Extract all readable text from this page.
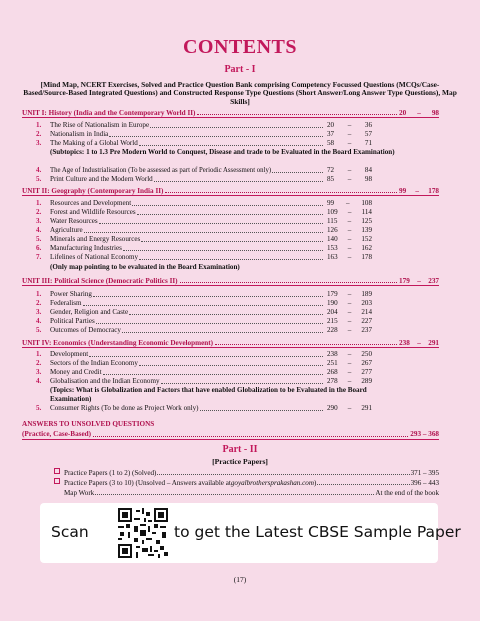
CONTENTS
Part - I
[Mind Map, NCERT Exercises, Solved and Practice Question Bank comprising Competency Focussed Questions (MCQs/Case-Based/Source-Based Integrated Questions) and Constructed Response Type Questions (Short Answer/Long Answer Type Questions), Map Skills]
UNIT I: History (India and the Contemporary World II)	20 – 98
1. The Rise of Nationalism in Europe	20 – 36
2. Nationalism in India	37 – 57
3. The Making of a Global World	58 – 71
(Subtopics: 1 to 1.3 Pre Modern World to Conquest, Disease and trade to be Evaluated in the Board Examination)
4. The Age of Industrialisation (To be assessed as part of Periodic Assessment only)	72 – 84
5. Print Culture and the Modern World	85 – 98
UNIT II: Geography (Contemporary India II)	99 – 178
1. Resources and Development	99 – 108
2. Forest and Wildlife Resources	109 – 114
3. Water Resources	115 – 125
4. Agriculture	126 – 139
5. Minerals and Energy Resources	140 – 152
6. Manufacturing Industries	153 – 162
7. Lifelines of National Economy	163 – 178
(Only map pointing to be evaluated in the Board Examination)
UNIT III: Political Science (Democratic Politics II)	179 – 237
1. Power Sharing	179 – 189
2. Federalism	190 – 203
3. Gender, Religion and Caste	204 – 214
4. Political Parties	215 – 227
5. Outcomes of Democracy	228 – 237
UNIT IV: Economics (Understanding Economic Development)	238 – 291
1. Development	238 – 250
2. Sectors of the Indian Economy	251 – 267
3. Money and Credit	268 – 277
4. Globalisation and the Indian Economy	278 – 289
(Topics: What is Globalization and Factors that have enabled Globalization to be Evaluated in the Board Examination)
5. Consumer Rights (To be done as Project Work only)	290 – 291
ANSWERS TO UNSOLVED QUESTIONS
(Practice, Case-Based)	293 – 368
Part - II
[Practice Papers]
Practice Papers (1 to 2) (Solved)	371 – 395
Practice Papers (3 to 10) (Unsolved – Answers available at goyalbrothersprakashan.com )	396 – 443
Map Work	At the end of the book
Scan	to get the Latest CBSE Sample Paper
(17)
